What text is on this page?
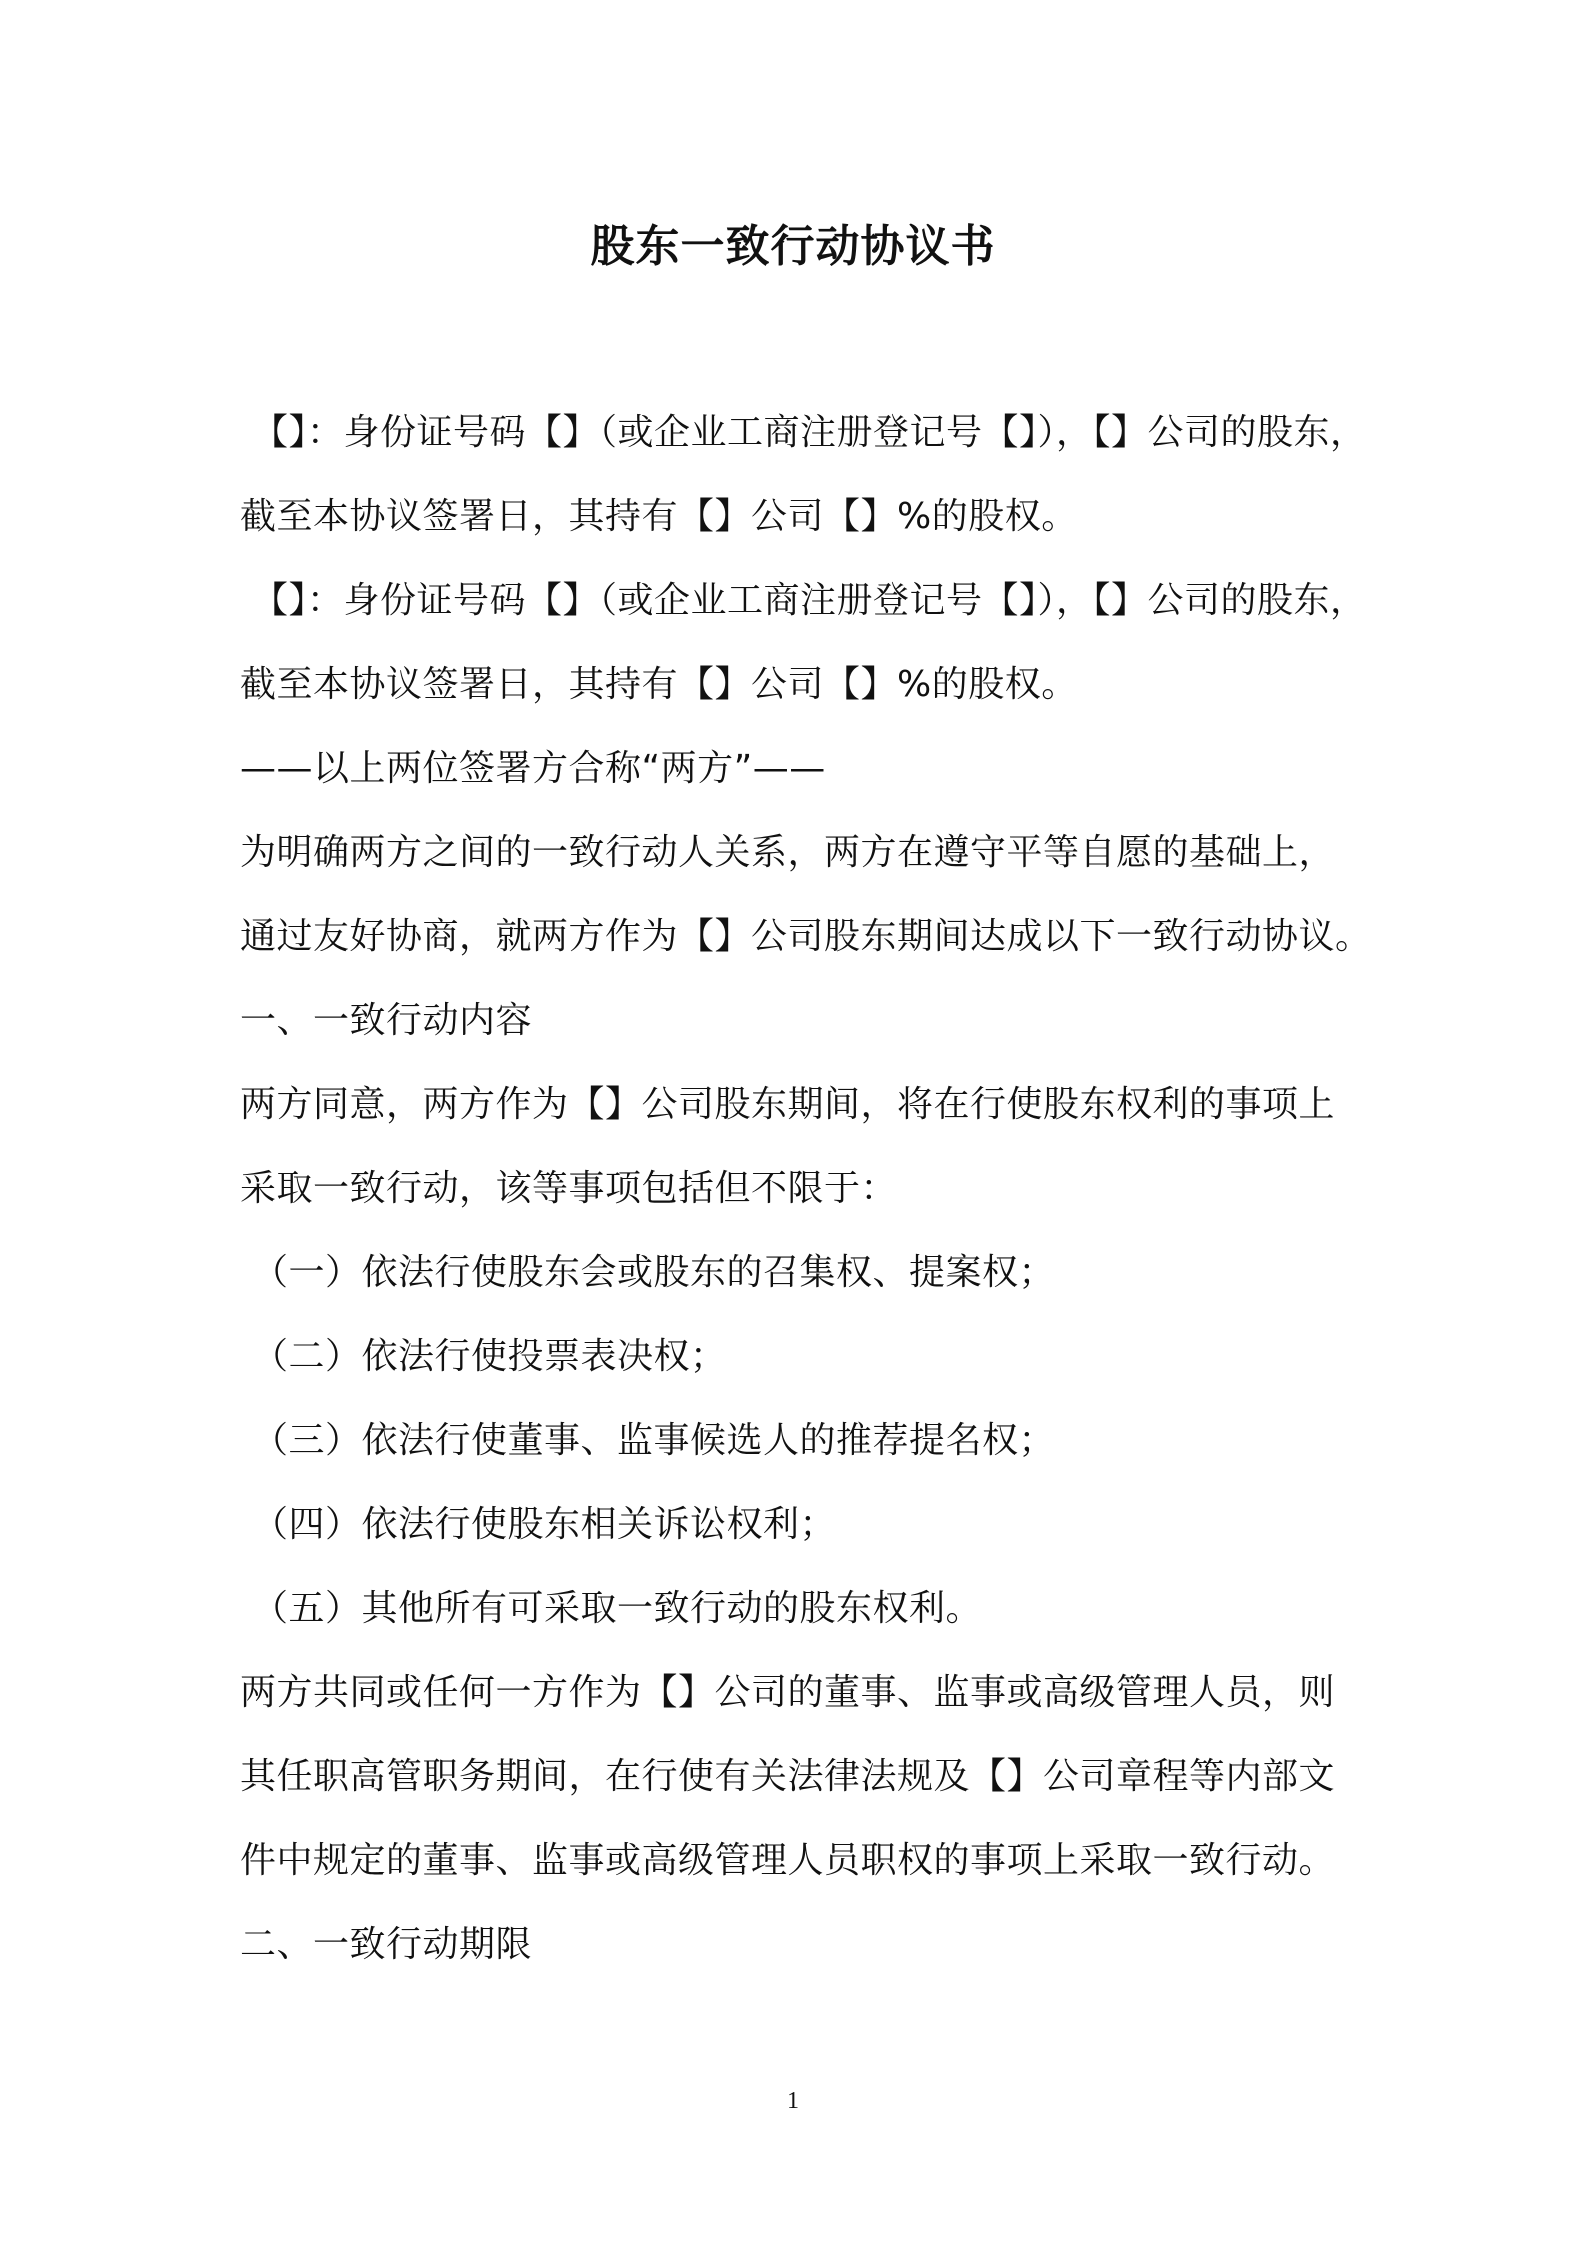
股东一致行动协议书
【】：身份证号码【】（或企业工商注册登记号【】），【】公司的股东，
截至本协议签署日，其持有【】公司【】%的股权。
【】：身份证号码【】（或企业工商注册登记号【】），【】公司的股东，
截至本协议签署日，其持有【】公司【】%的股权。
——以上两位签署方合称“两方”——
为明确两方之间的一致行动人关系，两方在遵守平等自愿的基础上，
通过友好协商，就两方作为【】公司股东期间达成以下一致行动协议。
一、一致行动内容
两方同意，两方作为【】公司股东期间，将在行使股东权利的事项上
采取一致行动，该等事项包括但不限于：
（一）依法行使股东会或股东的召集权、提案权；
（二）依法行使投票表决权；
（三）依法行使董事、监事候选人的推荐提名权；
（四）依法行使股东相关诉讼权利；
（五）其他所有可采取一致行动的股东权利。
两方共同或任何一方作为【】公司的董事、监事或高级管理人员，则
其任职高管职务期间，在行使有关法律法规及【】公司章程等内部文
件中规定的董事、监事或高级管理人员职权的事项上采取一致行动。
二、一致行动期限
1
